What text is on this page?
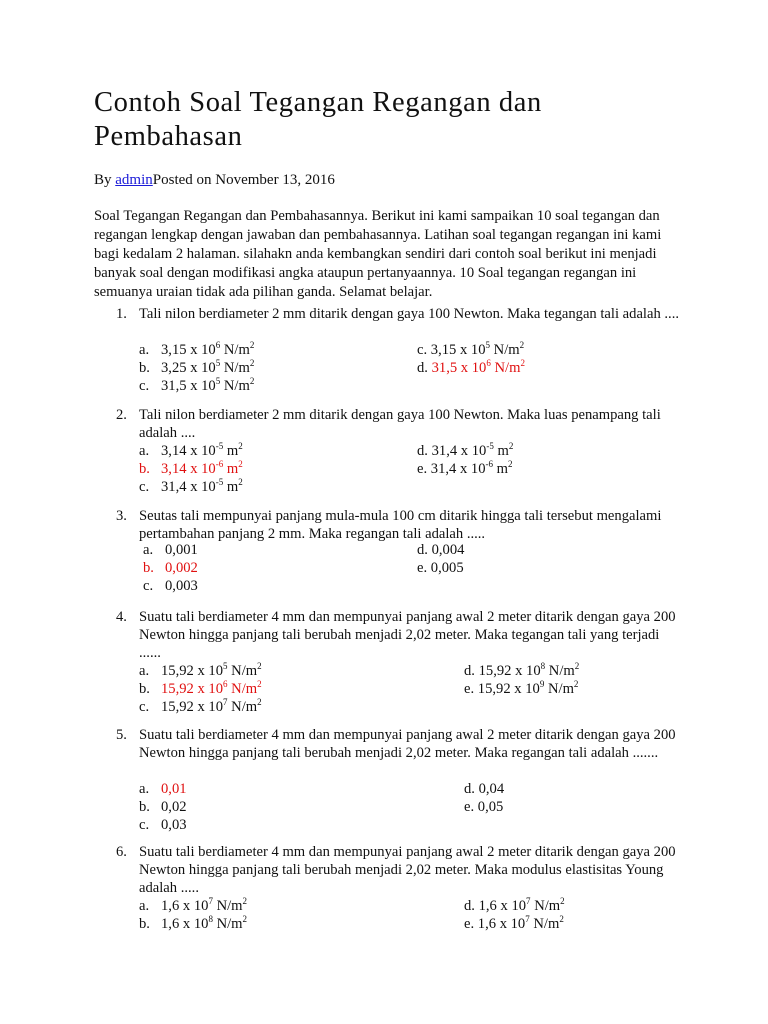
Contoh Soal Tegangan Regangan dan Pembahasan
By adminPosted on November 13, 2016
Soal Tegangan Regangan dan Pembahasannya. Berikut ini kami sampaikan 10 soal tegangan dan regangan lengkap dengan jawaban dan pembahasannya. Latihan soal tegangan regangan ini kami bagi kedalam 2 halaman. silahakn anda kembangkan sendiri dari contoh soal berikut ini menjadi banyak soal dengan modifikasi angka ataupun pertanyaannya. 10 Soal tegangan regangan ini semuanya uraian tidak ada pilihan ganda. Selamat belajar.
1. Tali nilon berdiameter 2 mm ditarik dengan gaya 100 Newton. Maka tegangan tali adalah ....
a. 3,15 x $10^6$ $N/m^2$
b. 3,25 x $10^5$ $N/m^2$
c. 31,5 x $10^5$ $N/m^2$
c. 3,15 x $10^5$ $N/m^2$
d. 31,5 x $10^6$ $N/m^2$
2. Tali nilon berdiameter 2 mm ditarik dengan gaya 100 Newton. Maka luas penampang tali adalah ....
a. 3,14 x $10^{-5}$ $m^2$
b. 3,14 x $10^{-6}$ $m^2$
c. 31,4 x $10^{-5}$ $m^2$
d. 31,4 x $10^{-5}$ $m^2$
e. 31,4 x $10^{-6}$ $m^2$
3. Seutas tali mempunyai panjang mula-mula 100 cm ditarik hingga tali tersebut mengalami pertambahan panjang 2 mm. Maka regangan tali adalah .....
a. 0,001
b. 0,002
c. 0,003
d. 0,004
e. 0,005
4. Suatu tali berdiameter 4 mm dan mempunyai panjang awal 2 meter ditarik dengan gaya 200 Newton hingga panjang tali berubah menjadi 2,02 meter. Maka tegangan tali yang terjadi ......
a. 15,92 x $10^5$ $N/m^2$
b. 15,92 x $10^6$ $N/m^2$
c. 15,92 x $10^7$ $N/m^2$
d. 15,92 x $10^8$ $N/m^2$
e. 15,92 x $10^9$ $N/m^2$
5. Suatu tali berdiameter 4 mm dan mempunyai panjang awal 2 meter ditarik dengan gaya 200 Newton hingga panjang tali berubah menjadi 2,02 meter. Maka regangan tali adalah .......
a. 0,01
b. 0,02
c. 0,03
d. 0,04
e. 0,05
6. Suatu tali berdiameter 4 mm dan mempunyai panjang awal 2 meter ditarik dengan gaya 200 Newton hingga panjang tali berubah menjadi 2,02 meter. Maka modulus elastisitas Young adalah .....
a. 1,6 x $10^7$ $N/m^2$
b. 1,6 x $10^8$ $N/m^2$
d. 1,6 x $10^7$ $N/m^2$
e. 1,6 x $10^7$ $N/m^2$
